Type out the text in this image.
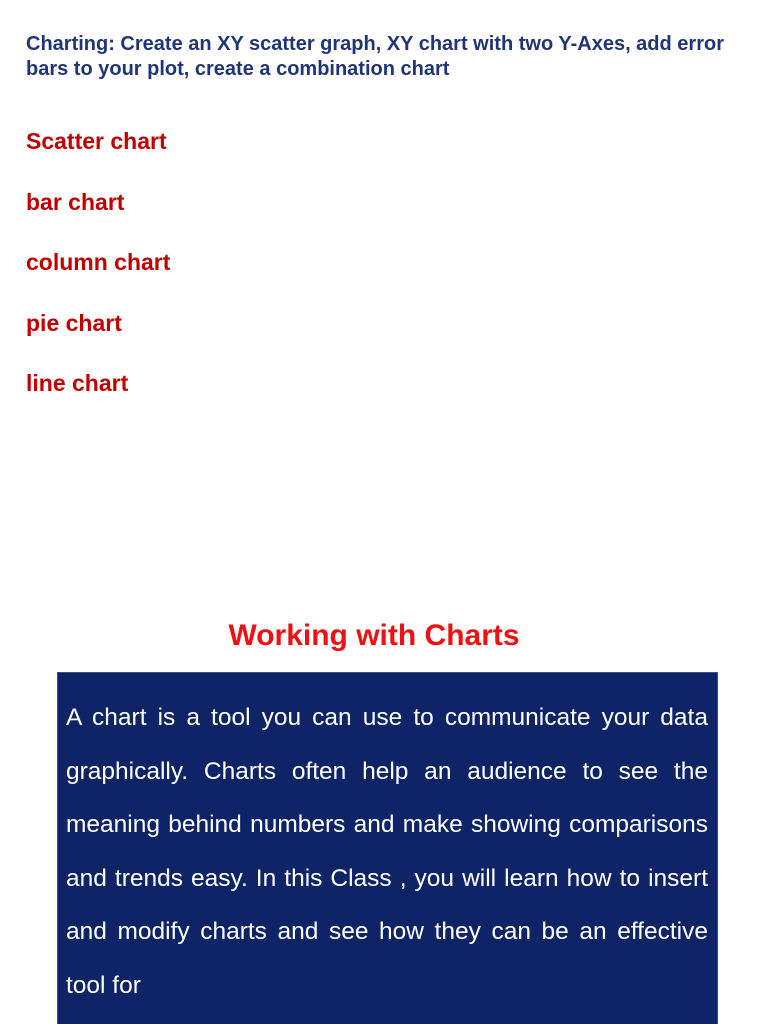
Charting: Create an XY scatter graph, XY chart with two Y-Axes, add error bars to your plot, create a combination chart

Scatter chart
bar chart
column chart
pie chart
line chart
Working with Charts

A chart is a tool you can use to communicate your data graphically. Charts often help an audience to see the meaning behind numbers and make showing comparisons and trends easy. In this Class , you will learn how to insert and modify charts and see how they can be an effective tool for
